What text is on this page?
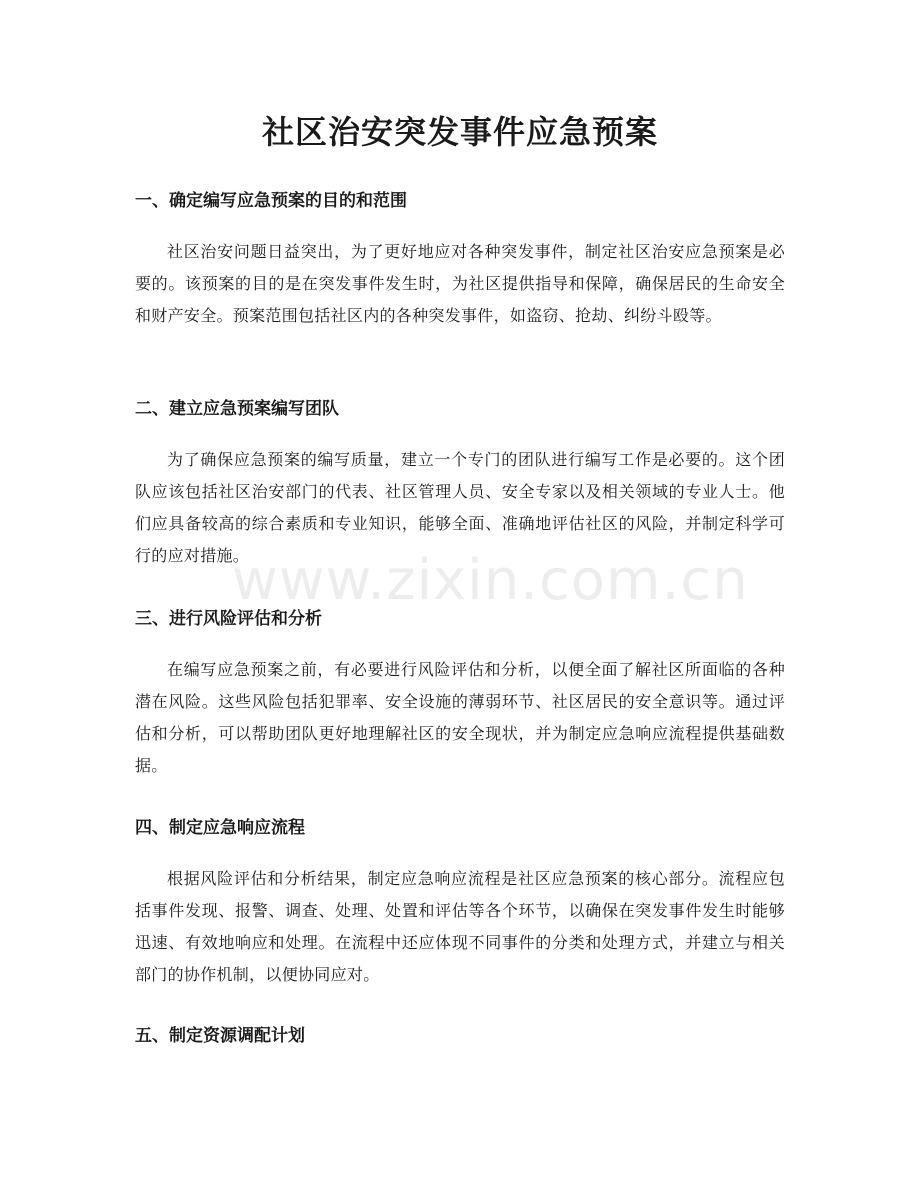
社区治安突发事件应急预案
www.zixin.com.cn
一、确定编写应急预案的目的和范围

社区治安问题日益突出，为了更好地应对各种突发事件，制定社区治安应急预案是必要的。该预案的目的是在突发事件发生时，为社区提供指导和保障，确保居民的生命安全和财产安全。预案范围包括社区内的各种突发事件，如盗窃、抢劫、纠纷斗殴等。

二、建立应急预案编写团队

为了确保应急预案的编写质量，建立一个专门的团队进行编写工作是必要的。这个团队应该包括社区治安部门的代表、社区管理人员、安全专家以及相关领域的专业人士。他们应具备较高的综合素质和专业知识，能够全面、准确地评估社区的风险，并制定科学可行的应对措施。

三、进行风险评估和分析

在编写应急预案之前，有必要进行风险评估和分析，以便全面了解社区所面临的各种潜在风险。这些风险包括犯罪率、安全设施的薄弱环节、社区居民的安全意识等。通过评估和分析，可以帮助团队更好地理解社区的安全现状，并为制定应急响应流程提供基础数据。

四、制定应急响应流程

根据风险评估和分析结果，制定应急响应流程是社区应急预案的核心部分。流程应包括事件发现、报警、调查、处理、处置和评估等各个环节，以确保在突发事件发生时能够迅速、有效地响应和处理。在流程中还应体现不同事件的分类和处理方式，并建立与相关部门的协作机制，以便协同应对。

五、制定资源调配计划
